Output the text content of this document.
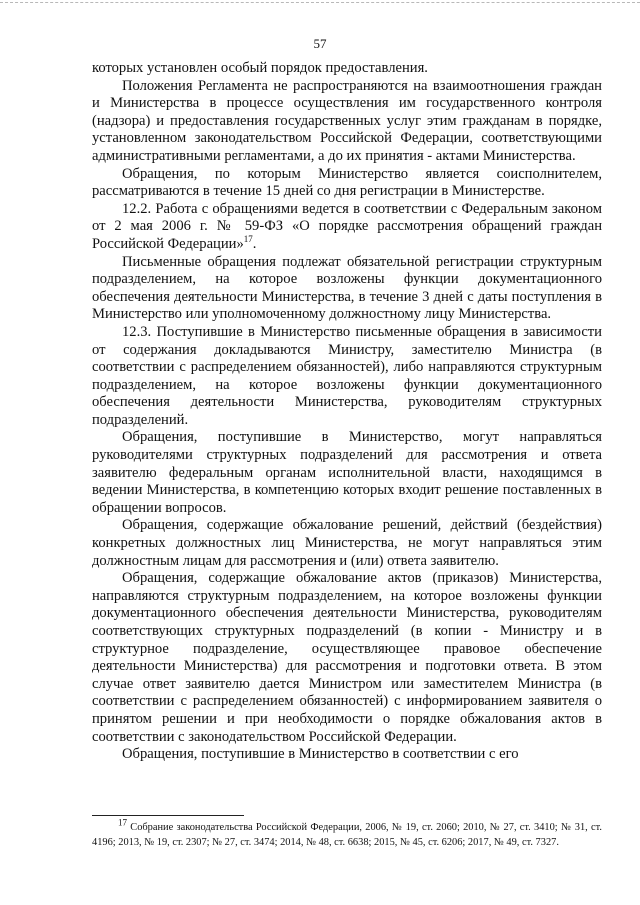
57

которых установлен особый порядок предоставления.

Положения Регламента не распространяются на взаимоотношения граждан и Министерства в процессе осуществления им государственного контроля (надзора) и предоставления государственных услуг этим гражданам в порядке, установленном законодательством Российской Федерации, соответствующими административными регламентами, а до их принятия - актами Министерства.

Обращения, по которым Министерство является соисполнителем, рассматриваются в течение 15 дней со дня регистрации в Министерстве.

12.2. Работа с обращениями ведется в соответствии с Федеральным законом от 2 мая 2006 г. № 59-ФЗ «О порядке рассмотрения обращений граждан Российской Федерации»$^{17}$.

Письменные обращения подлежат обязательной регистрации структурным подразделением, на которое возложены функции документационного обеспечения деятельности Министерства, в течение 3 дней с даты поступления в Министерство или уполномоченному должностному лицу Министерства.

12.3. Поступившие в Министерство письменные обращения в зависимости от содержания докладываются Министру, заместителю Министра (в соответствии с распределением обязанностей), либо направляются структурным подразделением, на которое возложены функции документационного обеспечения деятельности Министерства, руководителям структурных подразделений.

Обращения, поступившие в Министерство, могут направляться руководителями структурных подразделений для рассмотрения и ответа заявителю федеральным органам исполнительной власти, находящимся в ведении Министерства, в компетенцию которых входит решение поставленных в обращении вопросов.

Обращения, содержащие обжалование решений, действий (бездействия) конкретных должностных лиц Министерства, не могут направляться этим должностным лицам для рассмотрения и (или) ответа заявителю.

Обращения, содержащие обжалование актов (приказов) Министерства, направляются структурным подразделением, на которое возложены функции документационного обеспечения деятельности Министерства, руководителям соответствующих структурных подразделений (в копии - Министру и в структурное подразделение, осуществляющее правовое обеспечение деятельности Министерства) для рассмотрения и подготовки ответа. В этом случае ответ заявителю дается Министром или заместителем Министра (в соответствии с распределением обязанностей) с информированием заявителя о принятом решении и при необходимости о порядке обжалования актов в соответствии с законодательством Российской Федерации.

Обращения, поступившие в Министерство в соответствии с его

$^{17}$ Собрание законодательства Российской Федерации, 2006, № 19, ст. 2060; 2010, № 27, ст. 3410; № 31, ст. 4196; 2013, № 19, ст. 2307; № 27, ст. 3474; 2014, № 48, ст. 6638; 2015, № 45, ст. 6206; 2017, № 49, ст. 7327.
